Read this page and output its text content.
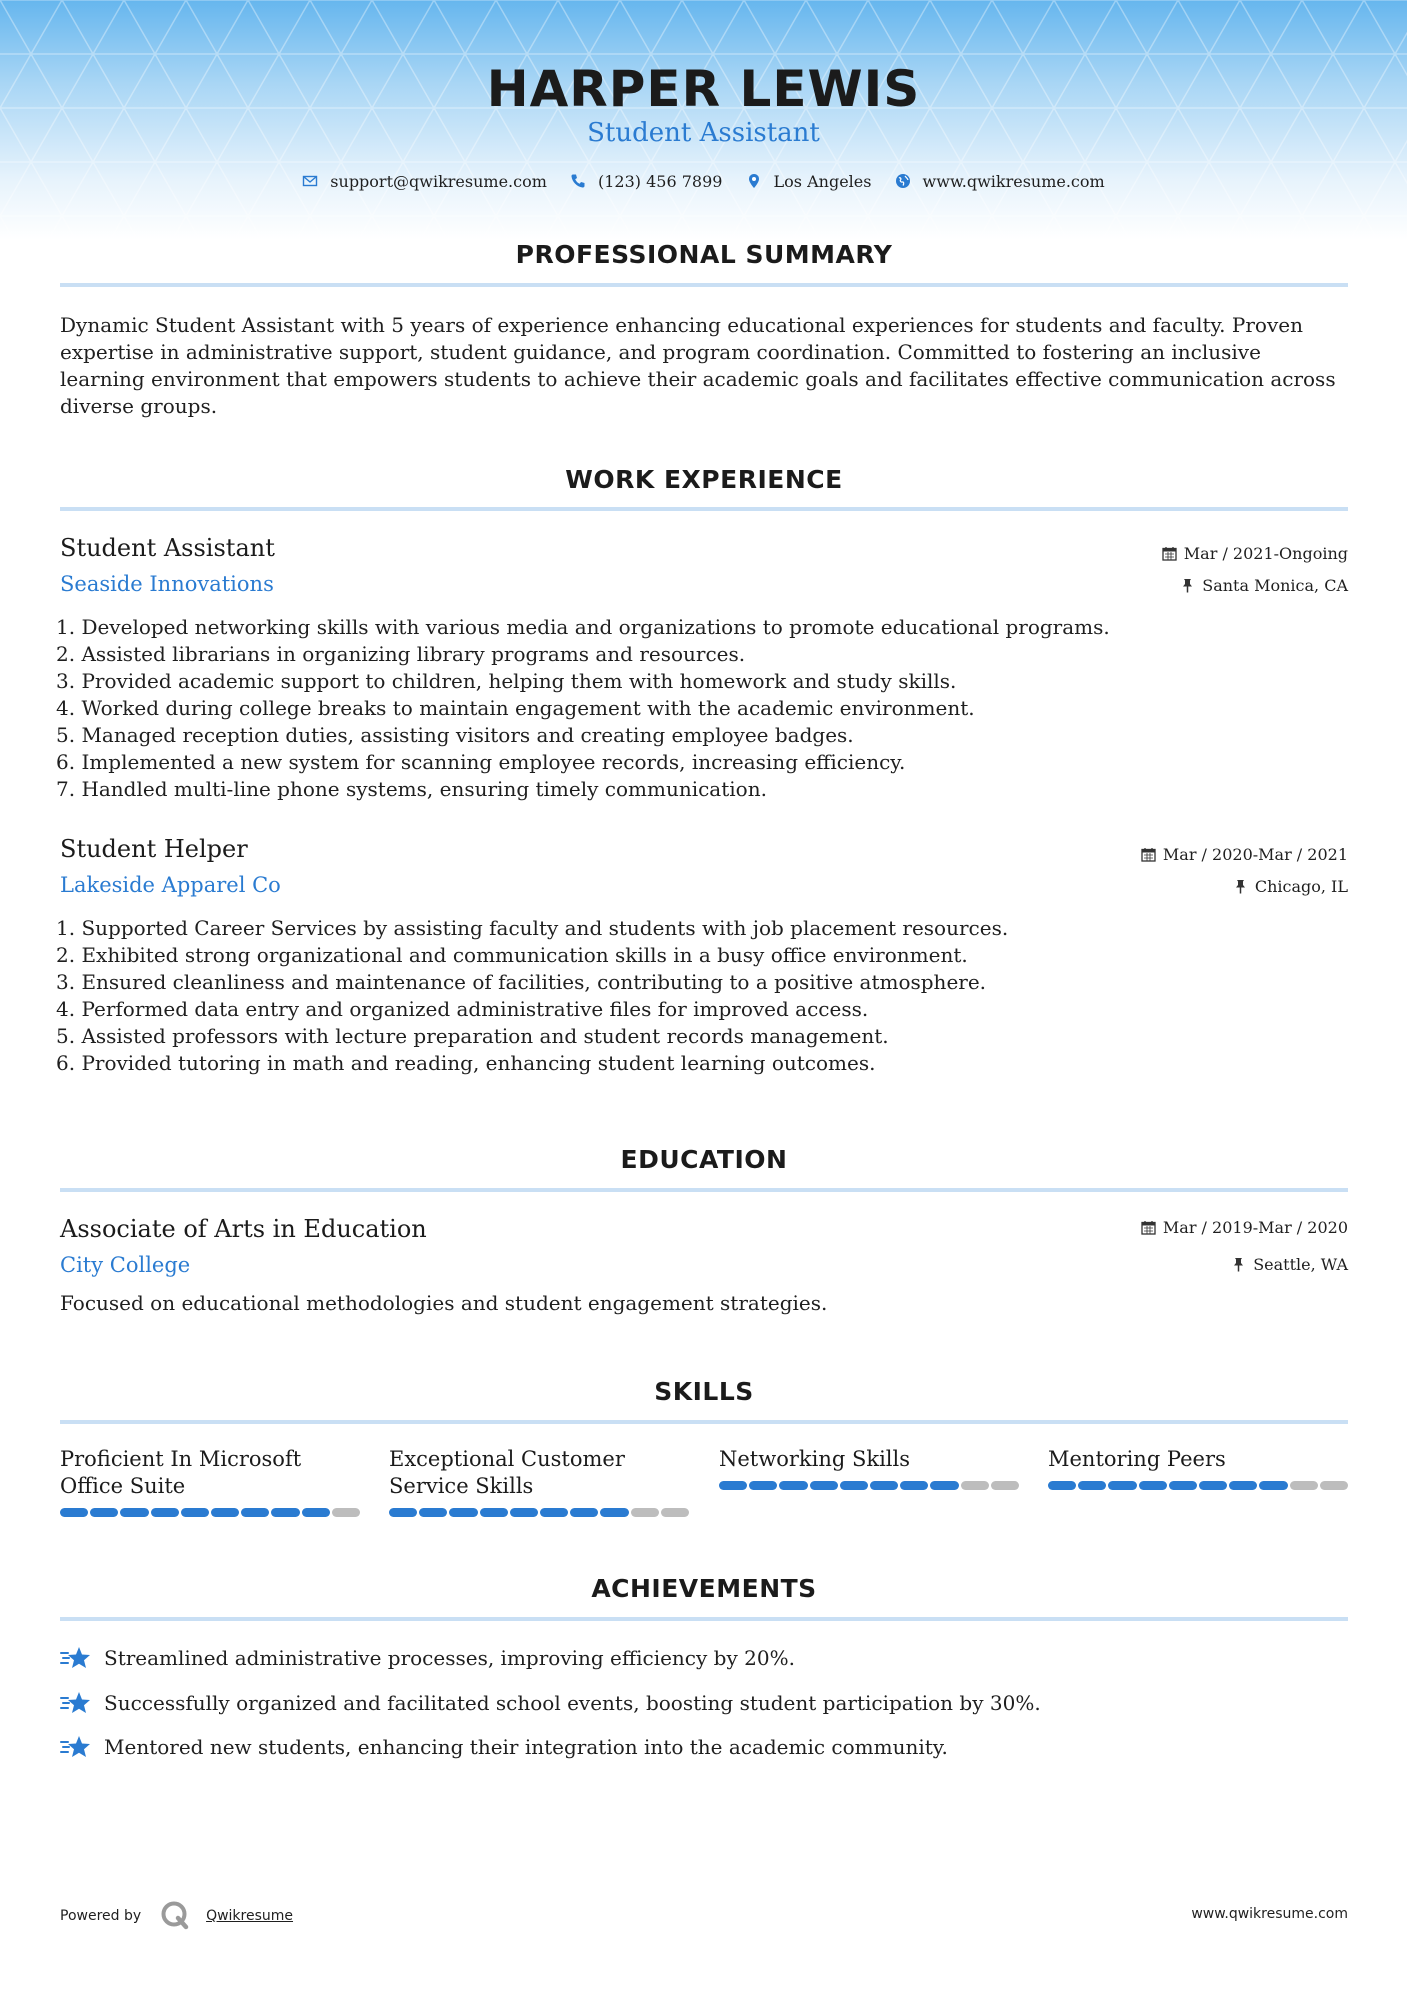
HARPER LEWIS
Student Assistant
support@qwikresume.com	(123) 456 7899	Los Angeles	www.qwikresume.com
PROFESSIONAL SUMMARY
Dynamic Student Assistant with 5 years of experience enhancing educational experiences for students and faculty. Proven expertise in administrative support, student guidance, and program coordination. Committed to fostering an inclusive learning environment that empowers students to achieve their academic goals and facilitates effective communication across diverse groups.
WORK EXPERIENCE
Student Assistant	Mar / 2021-Ongoing
Seaside Innovations	Santa Monica, CA
1. Developed networking skills with various media and organizations to promote educational programs.
2. Assisted librarians in organizing library programs and resources.
3. Provided academic support to children, helping them with homework and study skills.
4. Worked during college breaks to maintain engagement with the academic environment.
5. Managed reception duties, assisting visitors and creating employee badges.
6. Implemented a new system for scanning employee records, increasing efficiency.
7. Handled multi-line phone systems, ensuring timely communication.
Student Helper	Mar / 2020-Mar / 2021
Lakeside Apparel Co	Chicago, IL
1. Supported Career Services by assisting faculty and students with job placement resources.
2. Exhibited strong organizational and communication skills in a busy office environment.
3. Ensured cleanliness and maintenance of facilities, contributing to a positive atmosphere.
4. Performed data entry and organized administrative files for improved access.
5. Assisted professors with lecture preparation and student records management.
6. Provided tutoring in math and reading, enhancing student learning outcomes.
EDUCATION
Associate of Arts in Education	Mar / 2019-Mar / 2020
City College	Seattle, WA
Focused on educational methodologies and student engagement strategies.
SKILLS
Proficient In Microsoft Office Suite
Exceptional Customer Service Skills
Networking Skills	Mentoring Peers
ACHIEVEMENTS
Streamlined administrative processes, improving efficiency by 20%.
Successfully organized and facilitated school events, boosting student participation by 30%.
Mentored new students, enhancing their integration into the academic community.
Powered by	Qwikresume	www.qwikresume.com
